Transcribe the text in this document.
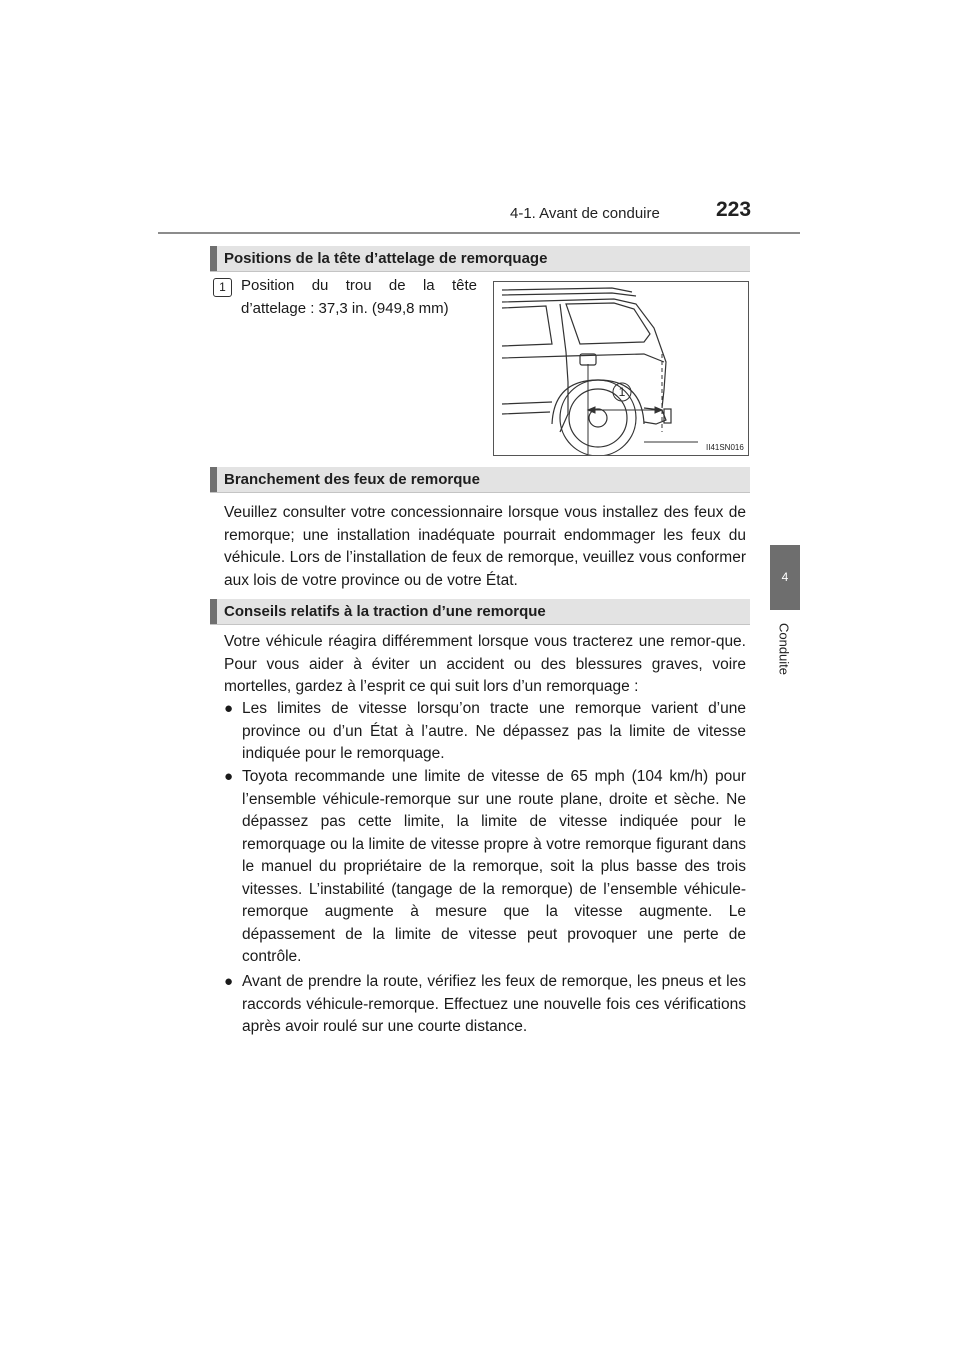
4-1. Avant de conduire	223
4
Conduite
Positions de la tête d’attelage de remorquage
1	Position du trou de la tête d’attelage : 37,3 in. (949,8 mm)
1
II41SN016
Branchement des feux de remorque
Veuillez consulter votre concessionnaire lorsque vous installez des feux de remorque; une installation inadéquate pourrait endommager les feux du véhicule. Lors de l’installation de feux de remorque, veuillez vous conformer aux lois de votre province ou de votre État.
Conseils relatifs à la traction d’une remorque
Votre véhicule réagira différemment lorsque vous tracterez une remor-que. Pour vous aider à éviter un accident ou des blessures graves, voire mortelles, gardez à l’esprit ce qui suit lors d’un remorquage :
● Les limites de vitesse lorsqu’on tracte une remorque varient d’une province ou d’un État à l’autre. Ne dépassez pas la limite de vitesse indiquée pour le remorquage.
● Toyota recommande une limite de vitesse de 65 mph (104 km/h) pour l’ensemble véhicule-remorque sur une route plane, droite et sèche. Ne dépassez pas cette limite, la limite de vitesse indiquée pour le remorquage ou la limite de vitesse propre à votre remorque figurant dans le manuel du propriétaire de la remorque, soit la plus basse des trois vitesses. L’instabilité (tangage de la remorque) de l’ensemble véhicule-remorque augmente à mesure que la vitesse augmente. Le dépassement de la limite de vitesse peut provoquer une perte de contrôle.
● Avant de prendre la route, vérifiez les feux de remorque, les pneus et les raccords véhicule-remorque. Effectuez une nouvelle fois ces vérifications après avoir roulé sur une courte distance.
